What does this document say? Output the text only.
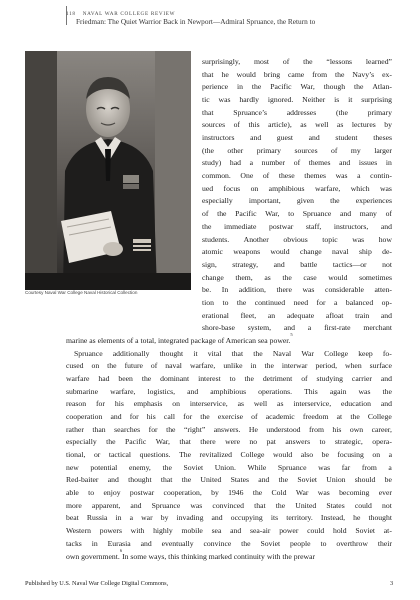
118 NAVAL WAR COLLEGE REVIEW
Friedman: The Quiet Warrior Back in Newport—Admiral Spruance, the Return to
Courtesy Naval War College Naval Historical Collection
surprisingly, most of the “lessons learned”
that he would bring came from the Navy’s ex-
perience in the Pacific War, though the Atlan-
tic was hardly ignored. Neither is it surprising
that	Spruance’s	addresses	(the	primary
sources of this article), as well as lectures by
instructors and guest and student theses
(the other primary sources of my larger
study) had a number of themes and issues in
common. One of these themes was a contin-
ued focus on amphibious warfare, which was
especially important, given the experiences
of the Pacific War, to Spruance and many of
the immediate postwar staff, instructors, and
students. Another obvious topic was how
atomic weapons would change naval ship de-
sign, strategy, and battle tactics—or not
change them, as the case would sometimes
be. In addition, there was considerable atten-
tion to the continued need for a balanced op-
erational fleet, an adequate afloat train and
shore-base system, and a first-rate merchant
marine as elements of a total, integrated package of American sea power.
5
Spruance additionally thought it vital that the Naval War College keep fo-
cused on the future of naval warfare, unlike in the interwar period, when surface
warfare had been the dominant interest to the detriment of studying carrier and
submarine warfare, logistics, and amphibious operations. This again was the
reason for his emphasis on interservice, as well as interservice, education and
cooperation and for his call for the exercise of academic freedom at the College
rather than searches for the “right” answers. He understood from his own career,
especially the Pacific War, that there were no pat answers to strategic, opera-
tional, or tactical questions. The revitalized College would also be focusing on a
new potential enemy, the Soviet Union. While Spruance was far from a
Red-baiter and thought that the United States and the Soviet Union should be
able to enjoy postwar cooperation, by 1946 the Cold War was becoming ever
more apparent, and Spruance was convinced that the United States could not
beat Russia in a war by invading and occupying its territory. Instead, he thought
Western powers with highly mobile sea and sea-air power could hold Soviet at-
tacks in Eurasia and eventually convince the Soviet people to overthrow their
own government.
6
In some ways, this thinking marked continuity with the prewar
Published by U.S. Naval War College Digital Commons,	3
